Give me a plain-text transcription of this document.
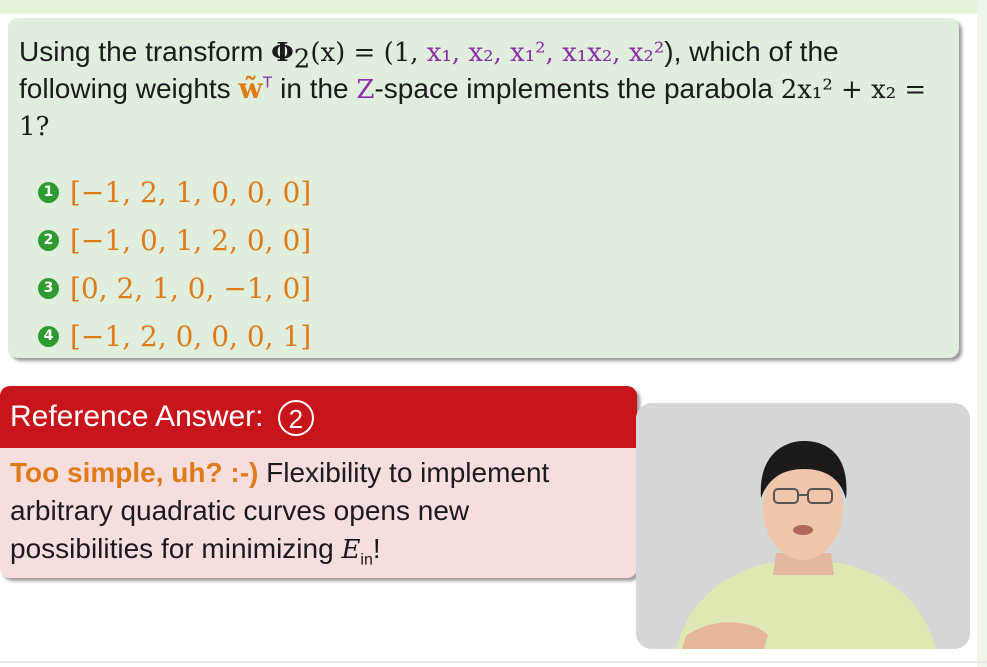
Using the transform $\Phi_2(x) = (1$, x₁, x₂, x₁², x₁x₂, x₂²), which of the following weights w̃$^T$ in the Z-space implements the parabola 2x₁² + x₂ = 1?
1 [−1, 2, 1, 0, 0, 0]
2 [−1, 0, 1, 2, 0, 0]
3 [0, 2, 1, 0, −1, 0]
4 [−1, 2, 0, 0, 0, 1]
Reference Answer: 2
Too simple, uh? :-) Flexibility to implement arbitrary quadratic curves opens new possibilities for minimizing $E_{in}$!
